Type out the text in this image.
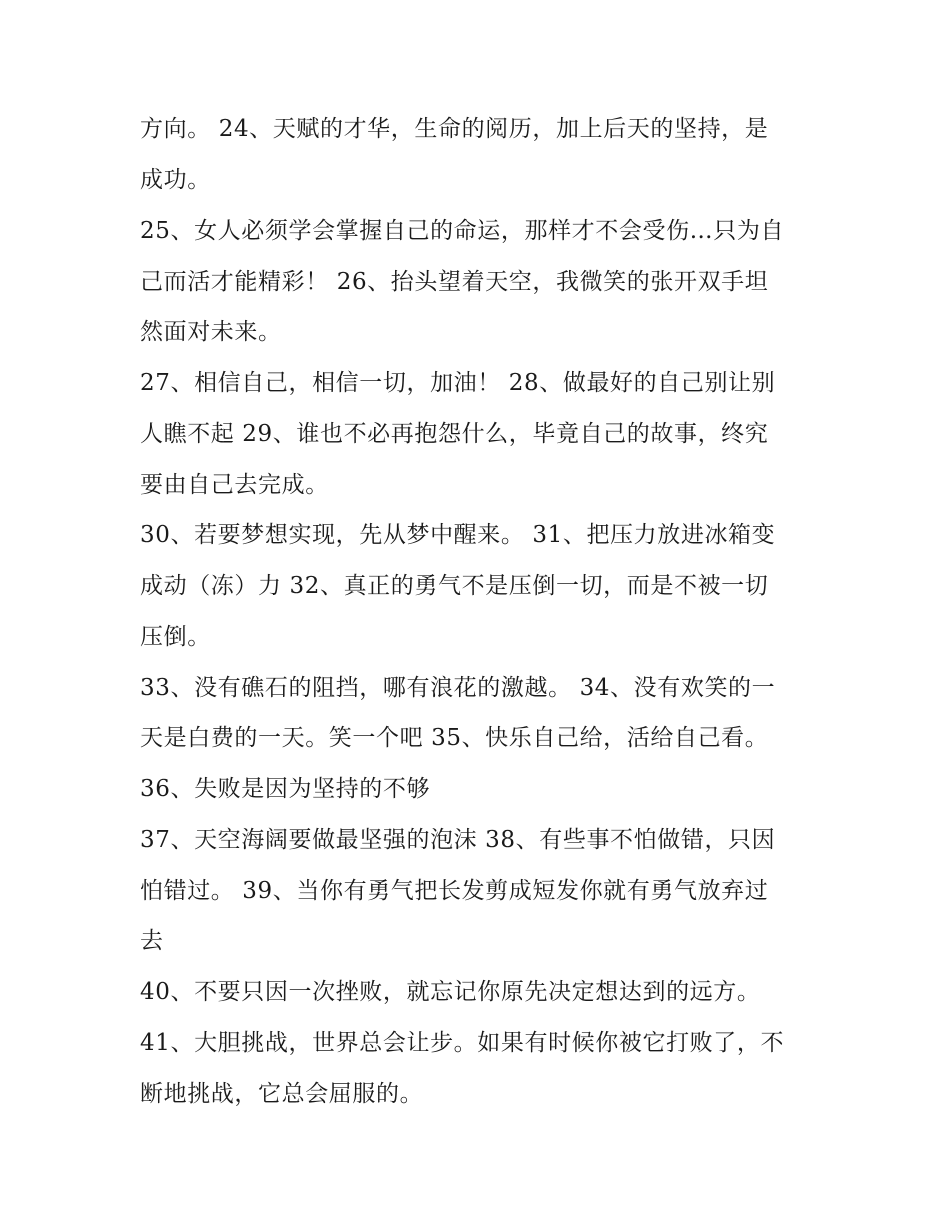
方向。 24、天赋的才华，生命的阅历，加上后天的坚持，是
成功。
25、女人必须学会掌握自己的命运，那样才不会受伤…只为自
己而活才能精彩！ 26、抬头望着天空，我微笑的张开双手坦
然面对未来。
27、相信自己，相信一切，加油！ 28、做最好的自己别让别
人瞧不起 29、谁也不必再抱怨什么，毕竟自己的故事，终究
要由自己去完成。
30、若要梦想实现，先从梦中醒来。 31、把压力放进冰箱变
成动（冻）力 32、真正的勇气不是压倒一切，而是不被一切
压倒。
33、没有礁石的阻挡，哪有浪花的激越。 34、没有欢笑的一
天是白费的一天。笑一个吧 35、快乐自己给，活给自己看。
36、失败是因为坚持的不够
37、天空海阔要做最坚强的泡沫 38、有些事不怕做错，只因
怕错过。 39、当你有勇气把长发剪成短发你就有勇气放弃过
去
40、不要只因一次挫败，就忘记你原先决定想达到的远方。
41、大胆挑战，世界总会让步。如果有时候你被它打败了，不
断地挑战，它总会屈服的。
